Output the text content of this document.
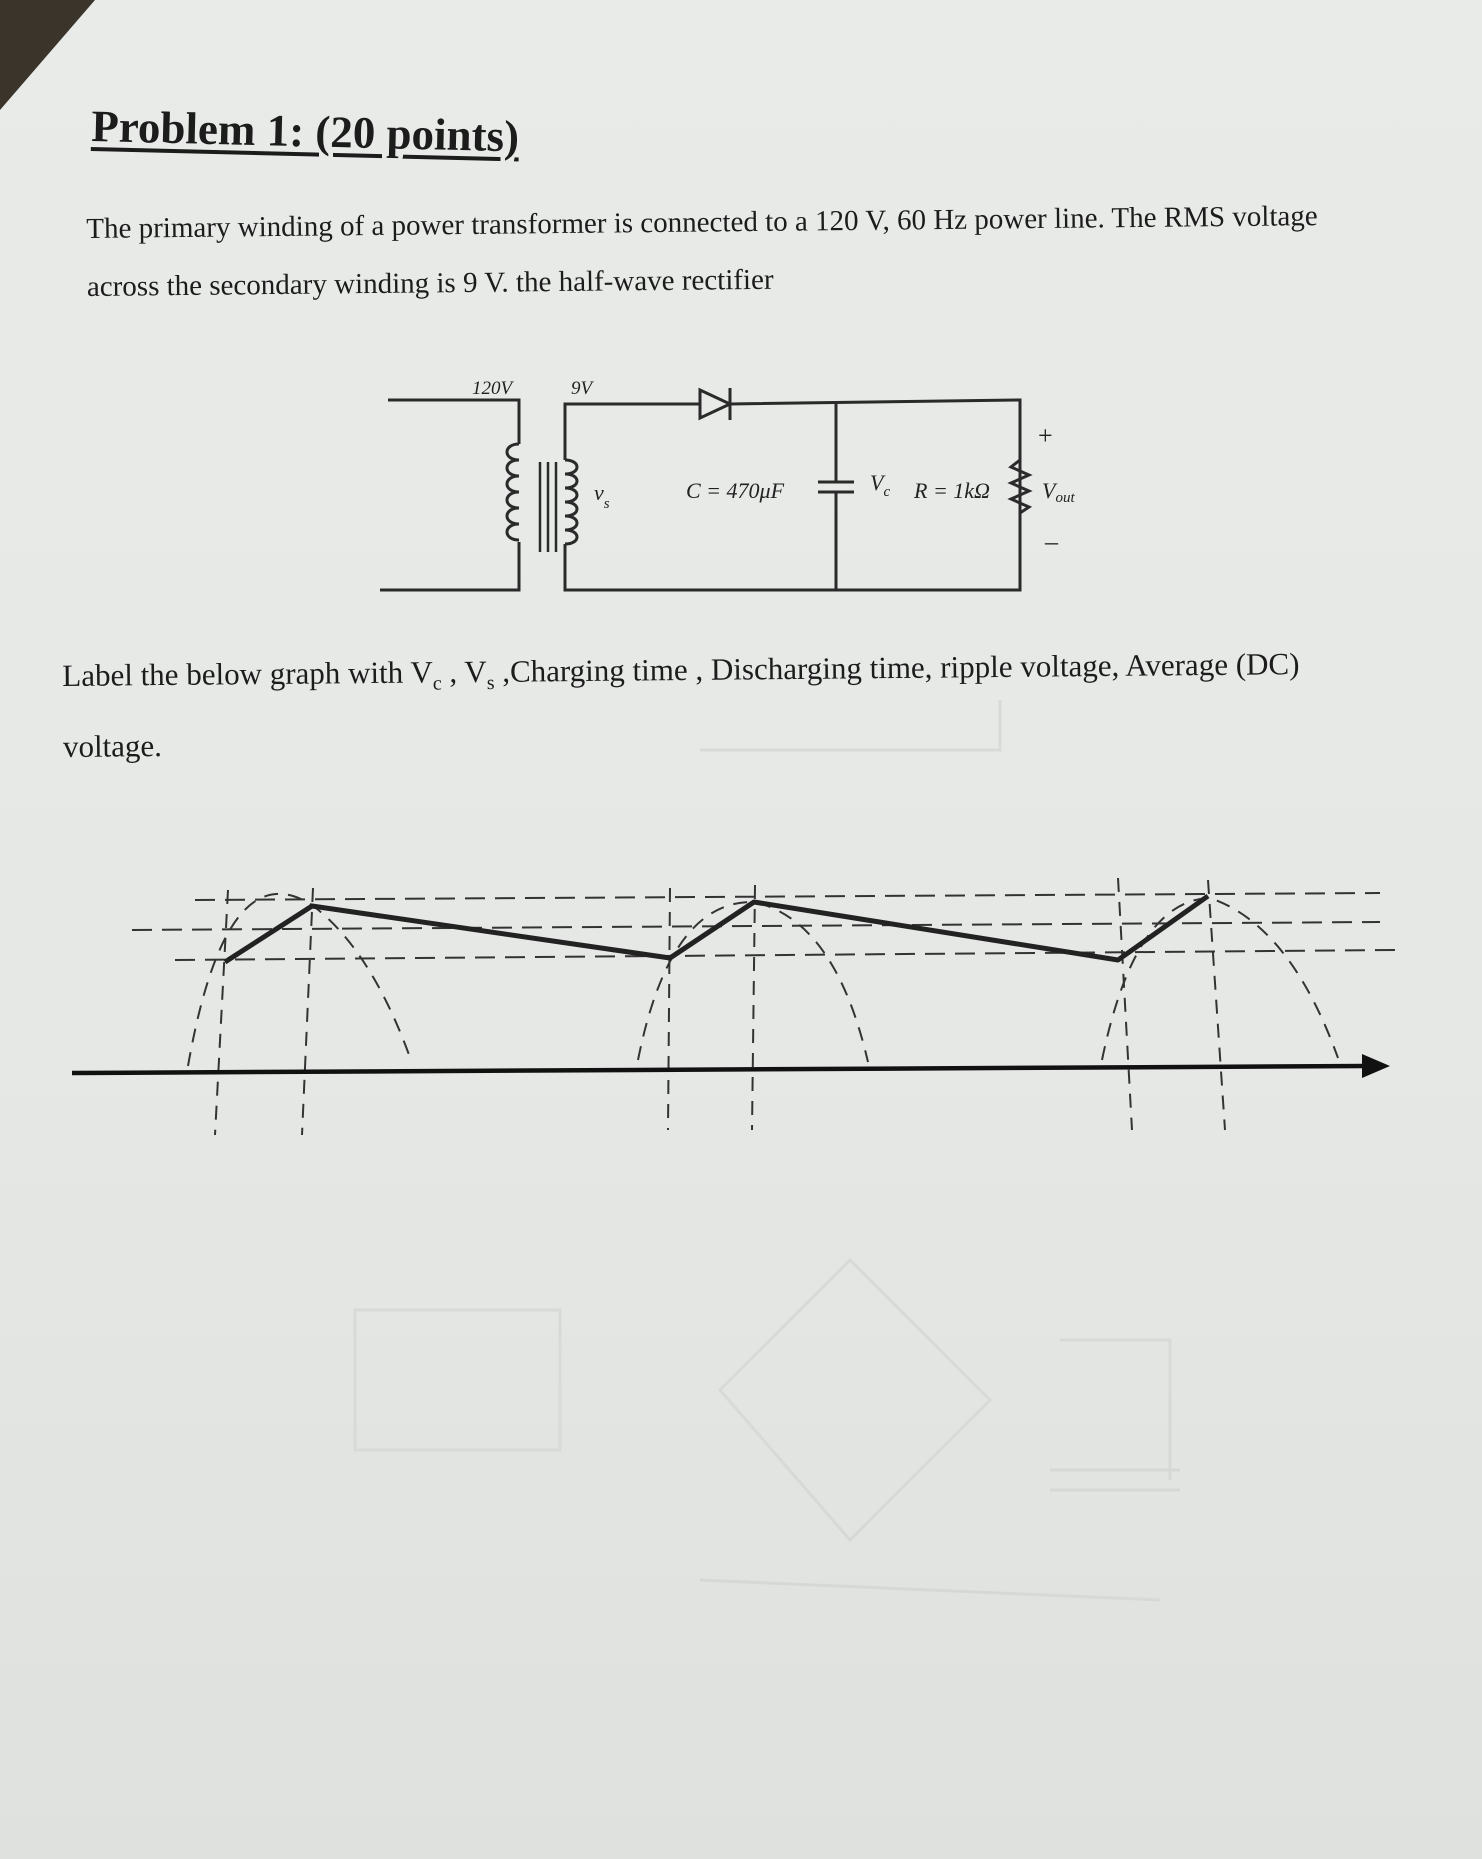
Problem 1: (20 points)

The primary winding of a power transformer is connected to a 120 V, 60 Hz power line. The RMS voltage across the secondary winding is 9 V. the half-wave rectifier

120V	9V
$v_s$
C = 470μF	$V_c$ R = 1kΩ
+
Vout
–

Label the below graph with $V_c$ , $V_s$ ,Charging time , Discharging time, ripple voltage, Average (DC) voltage.
